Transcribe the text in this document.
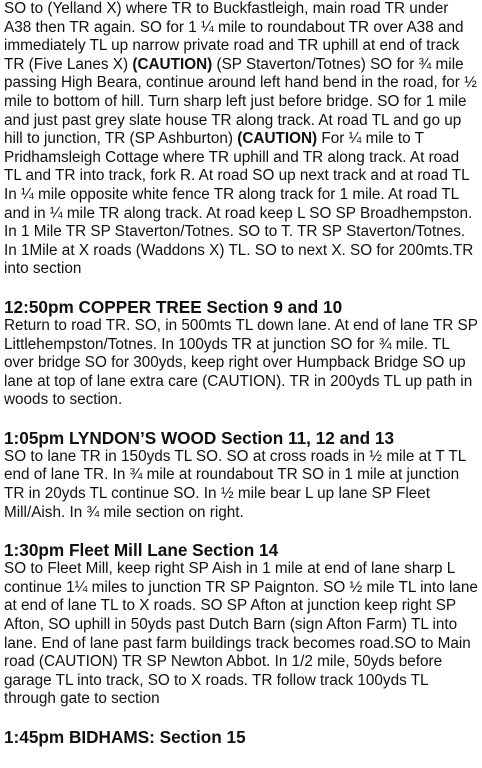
SO to (Yelland X) where TR to Buckfastleigh, main road TR under A38 then TR again. SO for 1 ¼ mile to roundabout TR over A38 and immediately TL up narrow private road and TR uphill at end of track TR (Five Lanes X) (CAUTION) (SP Staverton/Totnes) SO for ¾ mile passing High Beara, continue around left hand bend in the road, for ½ mile to bottom of hill. Turn sharp left just before bridge. SO for 1 mile and just past grey slate house TR along track. At road TL and go up hill to junction, TR (SP Ashburton) (CAUTION) For ¼ mile to T Pridhamsleigh Cottage where TR uphill and TR along track. At road TL and TR into track, fork R. At road SO up next track and at road TL In ¼ mile opposite white fence TR along track for 1 mile. At road TL and in ¼ mile TR along track. At road keep L SO SP Broadhempston. In 1 Mile TR SP Staverton/Totnes. SO to T. TR SP Staverton/Totnes. In 1Mile at X roads (Waddons X) TL. SO to next X. SO for 200mts.TR into section

12:50pm COPPER TREE Section 9 and 10

Return to road TR. SO, in 500mts TL down lane. At end of lane TR SP Littlehempston/Totnes. In 100yds TR at junction SO for ¾ mile. TL over bridge SO for 300yds, keep right over Humpback Bridge SO up lane at top of lane extra care (CAUTION). TR in 200yds TL up path in woods to section.

1:05pm LYNDON’S WOOD Section 11, 12 and 13

SO to lane TR in 150yds TL SO. SO at cross roads in ½ mile at T TL end of lane TR. In ¾ mile at roundabout TR SO in 1 mile at junction TR in 20yds TL continue SO. In ½ mile bear L up lane SP Fleet Mill/Aish. In ¾ mile section on right.

1:30pm Fleet Mill Lane Section 14

SO to Fleet Mill, keep right SP Aish in 1 mile at end of lane sharp L continue 1¼ miles to junction TR SP Paignton. SO ½ mile TL into lane at end of lane TL to X roads. SO SP Afton at junction keep right SP Afton, SO uphill in 50yds past Dutch Barn (sign Afton Farm) TL into lane. End of lane past farm buildings track becomes road.SO to Main road (CAUTION) TR SP Newton Abbot. In 1/2 mile, 50yds before garage TL into track, SO to X roads. TR follow track 100yds TL through gate to section

1:45pm BIDHAMS: Section 15
